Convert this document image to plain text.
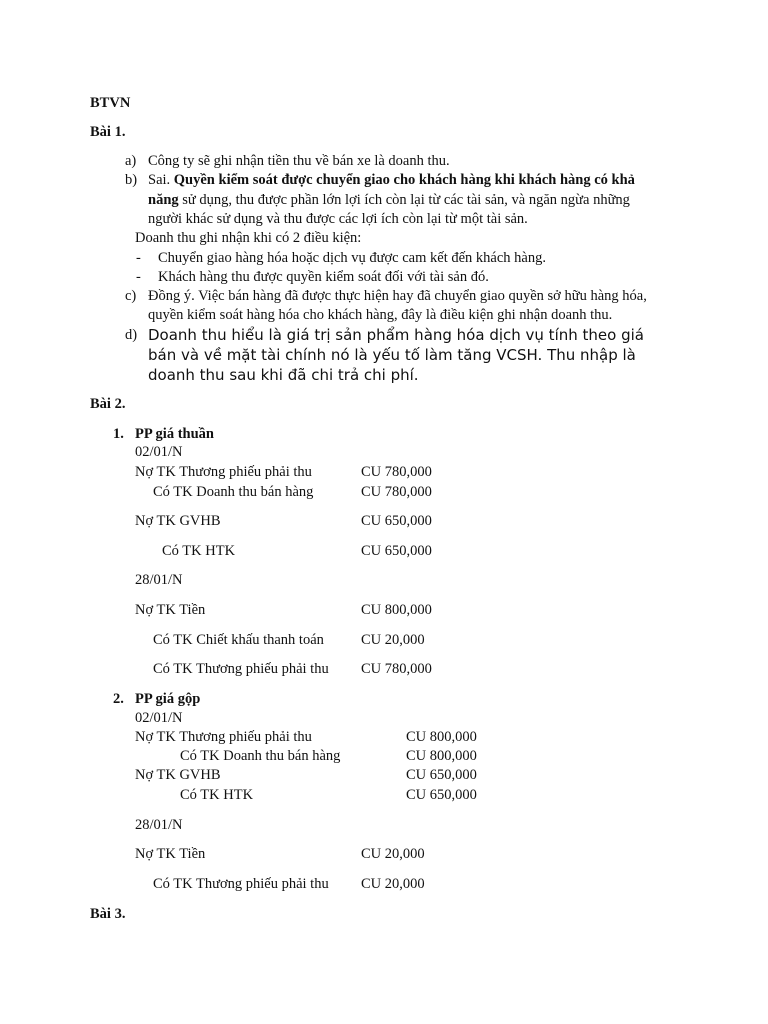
BTVN
Bài 1.
a) Công ty sẽ ghi nhận tiền thu về bán xe là doanh thu.
b) Sai. Quyền kiểm soát được chuyển giao cho khách hàng khi khách hàng có khả
năng sử dụng, thu được phần lớn lợi ích còn lại từ các tài sản, và ngăn ngừa những
người khác sử dụng và thu được các lợi ích còn lại từ một tài sản.
Doanh thu ghi nhận khi có 2 điều kiện:
- Chuyển giao hàng hóa hoặc dịch vụ được cam kết đến khách hàng.
- Khách hàng thu được quyền kiểm soát đối với tài sản đó.
c) Đồng ý. Việc bán hàng đã được thực hiện hay đã chuyển giao quyền sở hữu hàng hóa,
quyền kiểm soát hàng hóa cho khách hàng, đây là điều kiện ghi nhận doanh thu.
d) Doanh thu hiểu là giá trị sản phẩm hàng hóa dịch vụ tính theo giá
bán và về mặt tài chính nó là yếu tố làm tăng VCSH. Thu nhập là
doanh thu sau khi đã chi trả chi phí.
Bài 2.
1. PP giá thuần
02/01/N
Nợ TK Thương phiếu phải thu	CU 780,000
Có TK Doanh thu bán hàng	CU 780,000
Nợ TK GVHB	CU 650,000
Có TK HTK	CU 650,000
28/01/N
Nợ TK Tiền	CU 800,000
Có TK Chiết khấu thanh toán	CU 20,000
Có TK Thương phiếu phải thu CU 780,000
2. PP giá gộp
02/01/N
Nợ TK Thương phiếu phải thu	CU 800,000
Có TK Doanh thu bán hàng	CU 800,000
Nợ TK GVHB	CU 650,000
Có TK HTK	CU 650,000
28/01/N
Nợ TK Tiền	CU 20,000
Có TK Thương phiếu phải thu CU 20,000
Bài 3.
